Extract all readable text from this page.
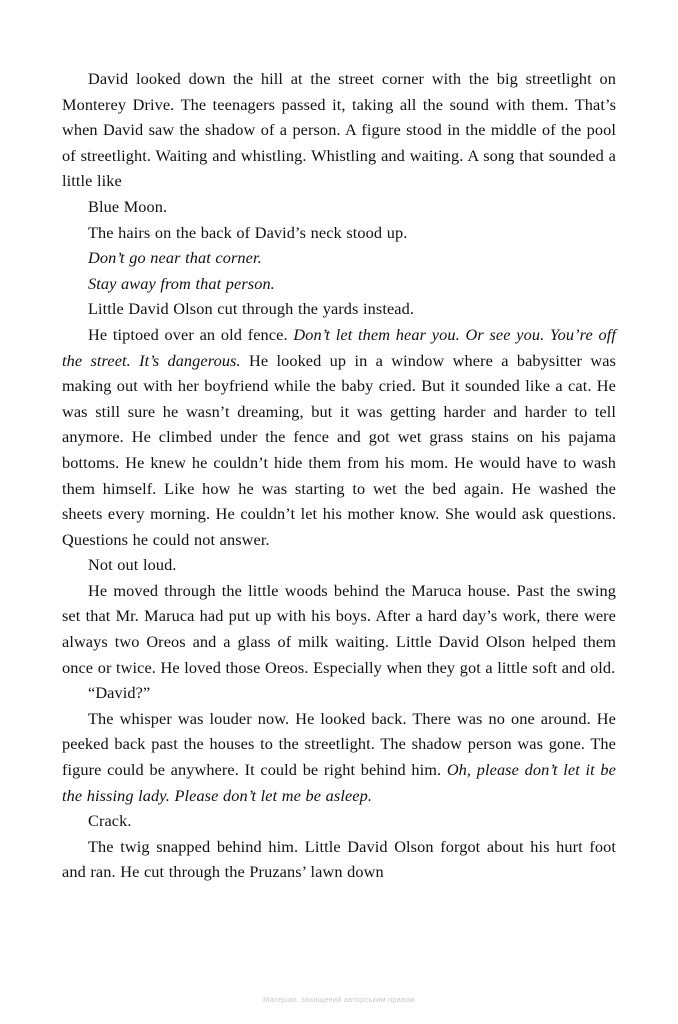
David looked down the hill at the street corner with the big streetlight on Monterey Drive. The teenagers passed it, taking all the sound with them. That’s when David saw the shadow of a person. A figure stood in the middle of the pool of streetlight. Waiting and whistling. Whistling and waiting. A song that sounded a little like

Blue Moon.

The hairs on the back of David’s neck stood up.

Don’t go near that corner.

Stay away from that person.

Little David Olson cut through the yards instead.

He tiptoed over an old fence. Don’t let them hear you. Or see you. You’re off the street. It’s dangerous. He looked up in a window where a babysitter was making out with her boyfriend while the baby cried. But it sounded like a cat. He was still sure he wasn’t dreaming, but it was getting harder and harder to tell anymore. He climbed under the fence and got wet grass stains on his pajama bottoms. He knew he couldn’t hide them from his mom. He would have to wash them himself. Like how he was starting to wet the bed again. He washed the sheets every morning. He couldn’t let his mother know. She would ask questions. Questions he could not answer.

Not out loud.

He moved through the little woods behind the Maruca house. Past the swing set that Mr. Maruca had put up with his boys. After a hard day’s work, there were always two Oreos and a glass of milk waiting. Little David Olson helped them once or twice. He loved those Oreos. Especially when they got a little soft and old.

“David?”

The whisper was louder now. He looked back. There was no one around. He peeked back past the houses to the streetlight. The shadow person was gone. The figure could be anywhere. It could be right behind him. Oh, please don’t let it be the hissing lady. Please don’t let me be asleep.

Crack.

The twig snapped behind him. Little David Olson forgot about his hurt foot and ran. He cut through the Pruzans’ lawn down

Матеріал, захищений авторським правом
